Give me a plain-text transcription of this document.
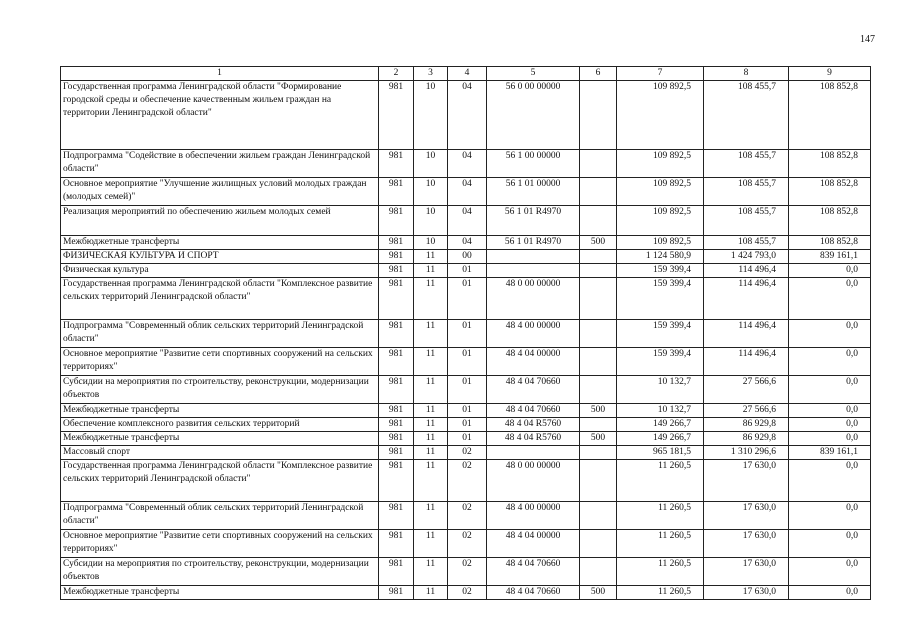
147
1	2	3	4	5	6	7	8	9
Государственная программа Ленинградской области "Формирование городской среды и обеспечение качественным жильем граждан на территории Ленинградской области"	981	10	04	56 0 00 00000		109 892,5	108 455,7	108 852,8
Подпрограмма "Содействие в обеспечении жильем граждан Ленинградской области"	981	10	04	56 1 00 00000		109 892,5	108 455,7	108 852,8
Основное мероприятие "Улучшение жилищных условий молодых граждан (молодых семей)"	981	10	04	56 1 01 00000		109 892,5	108 455,7	108 852,8
Реализация мероприятий по обеспечению жильем молодых семей	981	10	04	56 1 01 R4970		109 892,5	108 455,7	108 852,8
Межбюджетные трансферты	981	10	04	56 1 01 R4970	500	109 892,5	108 455,7	108 852,8
ФИЗИЧЕСКАЯ КУЛЬТУРА И СПОРТ	981	11	00			1 124 580,9	1 424 793,0	839 161,1
Физическая культура	981	11	01			159 399,4	114 496,4	0,0
Государственная программа Ленинградской области "Комплексное развитие сельских территорий Ленинградской области"	981	11	01	48 0 00 00000		159 399,4	114 496,4	0,0
Подпрограмма "Современный облик сельских территорий Ленинградской области"	981	11	01	48 4 00 00000		159 399,4	114 496,4	0,0
Основное мероприятие "Развитие сети спортивных сооружений на сельских территориях"	981	11	01	48 4 04 00000		159 399,4	114 496,4	0,0
Субсидии на мероприятия по строительству, реконструкции, модернизации объектов	981	11	01	48 4 04 70660		10 132,7	27 566,6	0,0
Межбюджетные трансферты	981	11	01	48 4 04 70660	500	10 132,7	27 566,6	0,0
Обеспечение комплексного развития сельских территорий	981	11	01	48 4 04 R5760		149 266,7	86 929,8	0,0
Межбюджетные трансферты	981	11	01	48 4 04 R5760	500	149 266,7	86 929,8	0,0
Массовый спорт	981	11	02			965 181,5	1 310 296,6	839 161,1
Государственная программа Ленинградской области "Комплексное развитие сельских территорий Ленинградской области"	981	11	02	48 0 00 00000		11 260,5	17 630,0	0,0
Подпрограмма "Современный облик сельских территорий Ленинградской области"	981	11	02	48 4 00 00000		11 260,5	17 630,0	0,0
Основное мероприятие "Развитие сети спортивных сооружений на сельских территориях"	981	11	02	48 4 04 00000		11 260,5	17 630,0	0,0
Субсидии на мероприятия по строительству, реконструкции, модернизации объектов	981	11	02	48 4 04 70660		11 260,5	17 630,0	0,0
Межбюджетные трансферты	981	11	02	48 4 04 70660	500	11 260,5	17 630,0	0,0
